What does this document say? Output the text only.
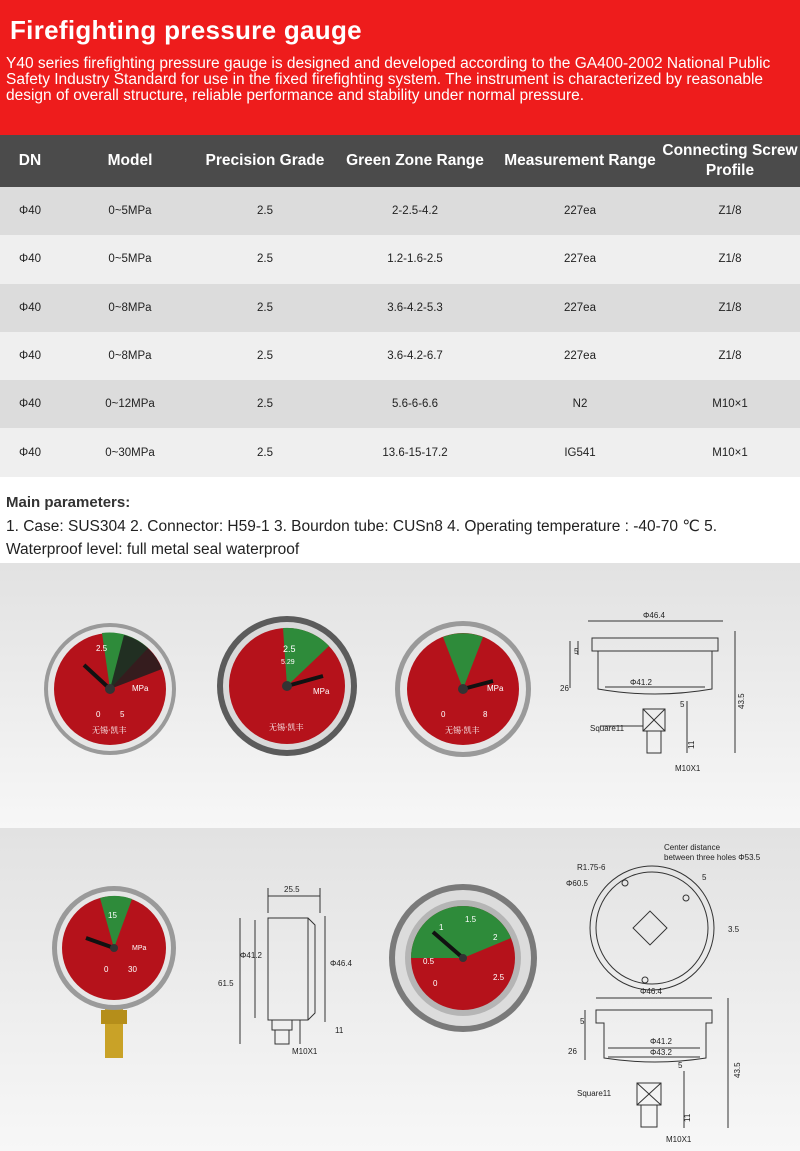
Firefighting pressure gauge

Y40 series firefighting pressure gauge is designed and developed according to the GA400-2002 National Public Safety Industry Standard for use in the fixed firefighting system. The instrument is characterized by reasonable design of overall structure, reliable performance and stability under normal pressure.

DN	Model	Precision Grade	Green Zone Range	Measurement Range	Connecting Screw Profile
Φ40	0~5MPa	2.5	2-2.5-4.2	227ea	Z1/8
Φ40	0~5MPa	2.5	1.2-1.6-2.5	227ea	Z1/8
Φ40	0~8MPa	2.5	3.6-4.2-5.3	227ea	Z1/8
Φ40	0~8MPa	2.5	3.6-4.2-6.7	227ea	Z1/8
Φ40	0~12MPa	2.5	5.6-6-6.6	N2	M10×1
Φ40	0~30MPa	2.5	13.6-15-17.2	IG541	M10×1
Main parameters:

1. Case: SUS304 2. Connector: H59-1 3. Bourdon tube: CUSn8 4. Operating temperature : -40-70 ℃ 5. Waterproof level: full metal seal waterproof

MPa
0
2.5
5
无锡·凯丰
2.5
5.29
MPa
无锡·凯丰
MPa
0	8
无锡·凯丰
Φ46.4
5
26
Φ41.2
43.5
5
Square11
11
M10X1
0
15
30
MPa
25.5
Φ41.2
Φ46.4
61.5
11
M10X1
0
0.5
1
1.5
2
2.5
Center distance
between three holes Φ53.5
R1.75-6
Φ60.5
5
3.5
Φ46.4
5
26
Φ41.2
Φ43.2
5	43.5
Square11
11
M10X1
